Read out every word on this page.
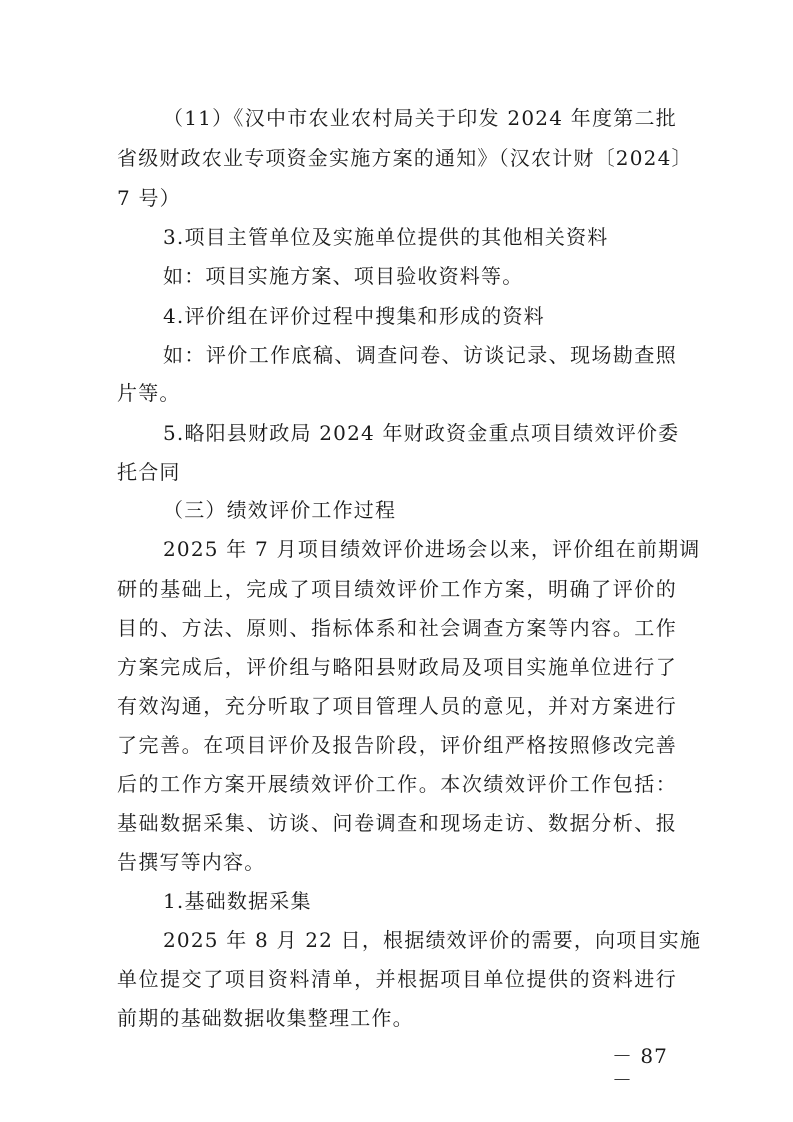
（11）《汉中市农业农村局关于印发 2024 年度第二批
省级财政农业专项资金实施方案的通知》（汉农计财〔2024〕
7 号）
3.项目主管单位及实施单位提供的其他相关资料
如：项目实施方案、项目验收资料等。
4.评价组在评价过程中搜集和形成的资料
如：评价工作底稿、调查问卷、访谈记录、现场勘查照
片等。
5.略阳县财政局 2024 年财政资金重点项目绩效评价委
托合同
（三）绩效评价工作过程
2025 年 7 月项目绩效评价进场会以来，评价组在前期调
研的基础上，完成了项目绩效评价工作方案，明确了评价的
目的、方法、原则、指标体系和社会调查方案等内容。工作
方案完成后，评价组与略阳县财政局及项目实施单位进行了
有效沟通，充分听取了项目管理人员的意见，并对方案进行
了完善。在项目评价及报告阶段，评价组严格按照修改完善
后的工作方案开展绩效评价工作。本次绩效评价工作包括：
基础数据采集、访谈、问卷调查和现场走访、数据分析、报
告撰写等内容。
1.基础数据采集
2025 年 8 月 22 日，根据绩效评价的需要，向项目实施
单位提交了项目资料清单，并根据项目单位提供的资料进行
前期的基础数据收集整理工作。
－ 87 －
